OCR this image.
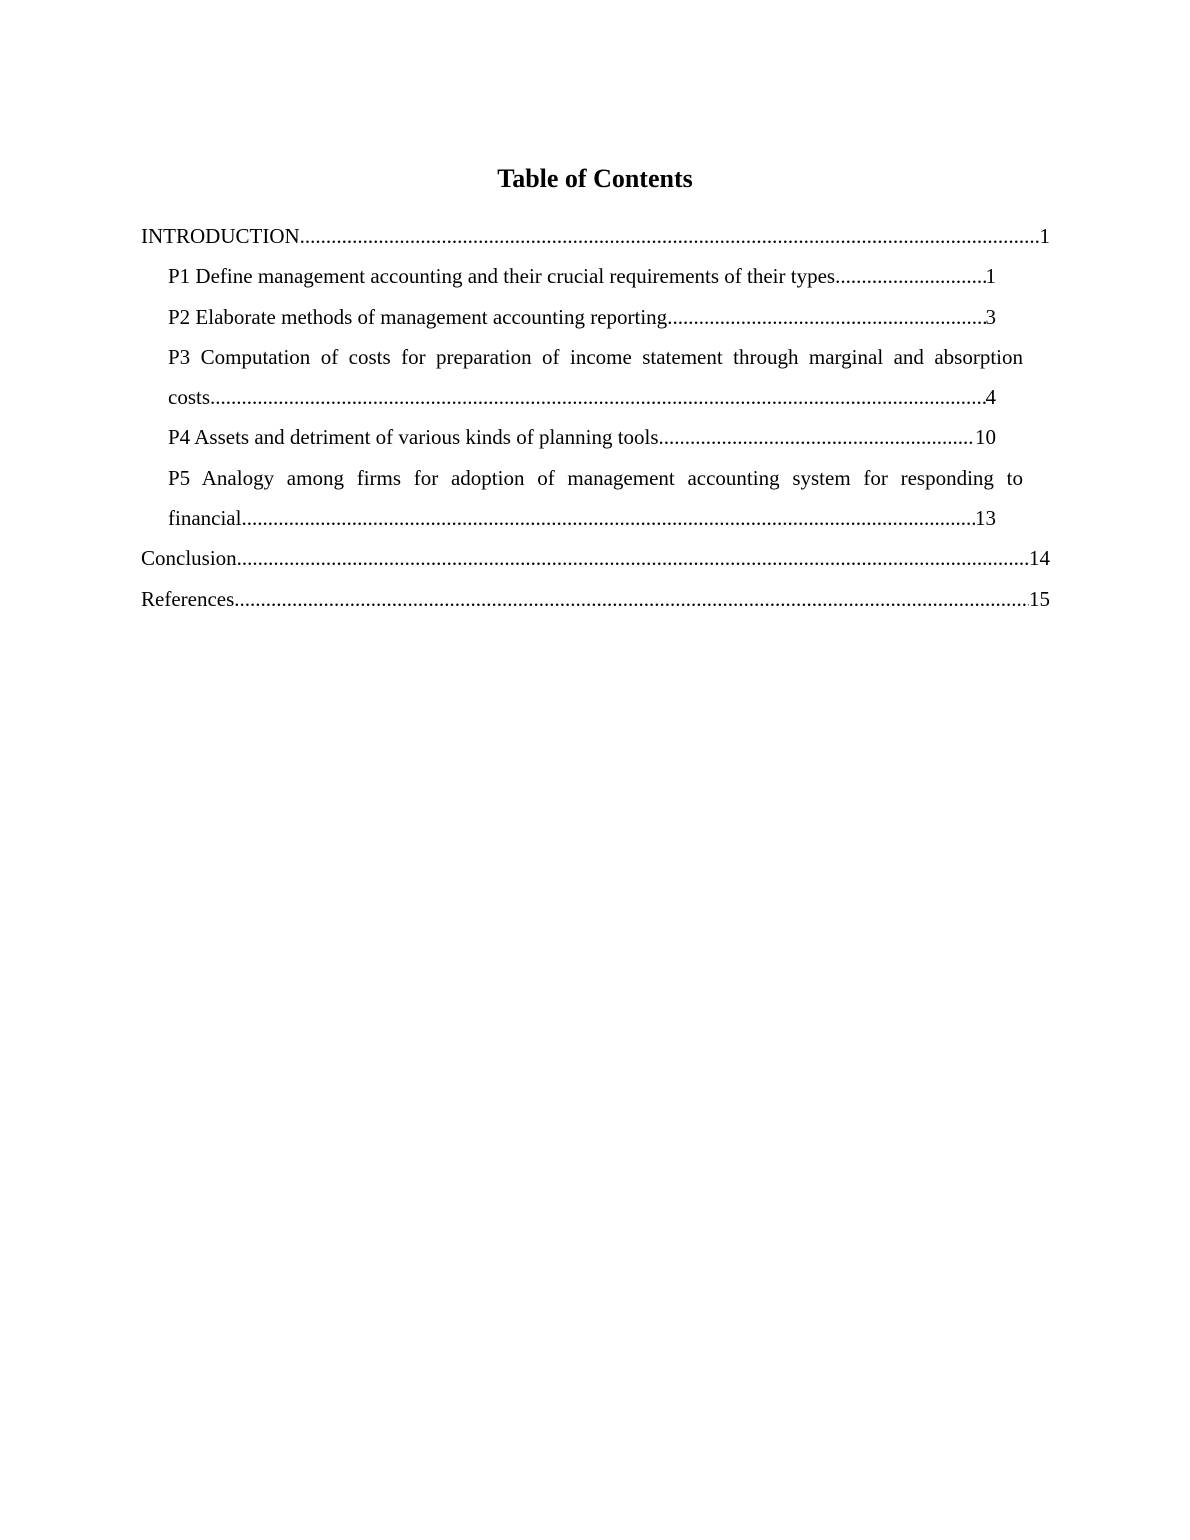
Table of Contents
INTRODUCTION .....	1
P1 Define management accounting and their crucial requirements of their types .....	1
P2 Elaborate methods of management accounting reporting .....	3
P3 Computation of costs for preparation of income statement through marginal and absorption
costs .....	4
P4 Assets and detriment of various kinds of planning tools .....	10
P5 Analogy among firms for adoption of management accounting system for responding to
financial .....	13
Conclusion .....	14
References .....	15
